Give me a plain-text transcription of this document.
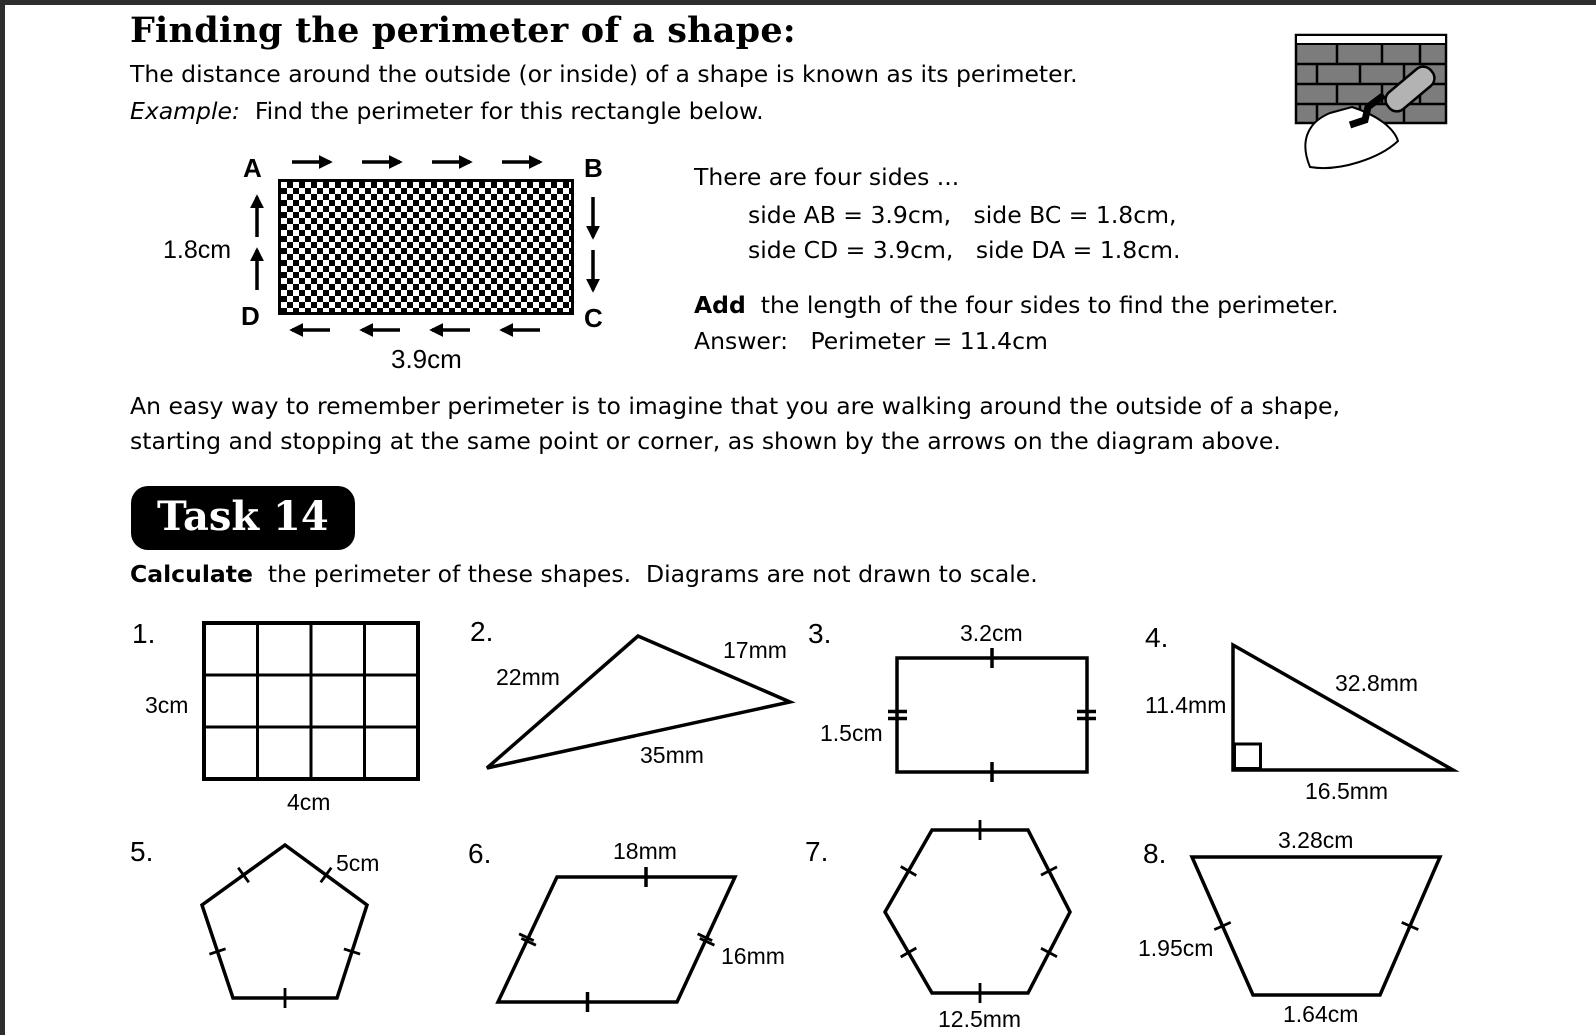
Finding the perimeter of a shape:
The distance around the outside (or inside) of a shape is known as its perimeter.
Example:  Find the perimeter for this rectangle below.
A	B
C
D
1.8cm
3.9cm
There are four sides ...
side AB = 3.9cm,   side BC = 1.8cm,
side CD = 3.9cm,   side DA = 1.8cm.
Add  the length of the four sides to find the perimeter.
Answer:   Perimeter = 11.4cm
An easy way to remember perimeter is to imagine that you are walking around the outside of a shape,
starting and stopping at the same point or corner, as shown by the arrows on the diagram above.
Task 14
Calculate  the perimeter of these shapes.  Diagrams are not drawn to scale.
1.
3cm
4cm
2.
22mm
17mm
35mm
3.	3.2cm
1.5cm
4.
11.4mm
32.8mm
16.5mm
5.	5cm	6.	18mm
16mm
7.
12.5mm
8.	3.28cm
1.95cm
1.64cm
